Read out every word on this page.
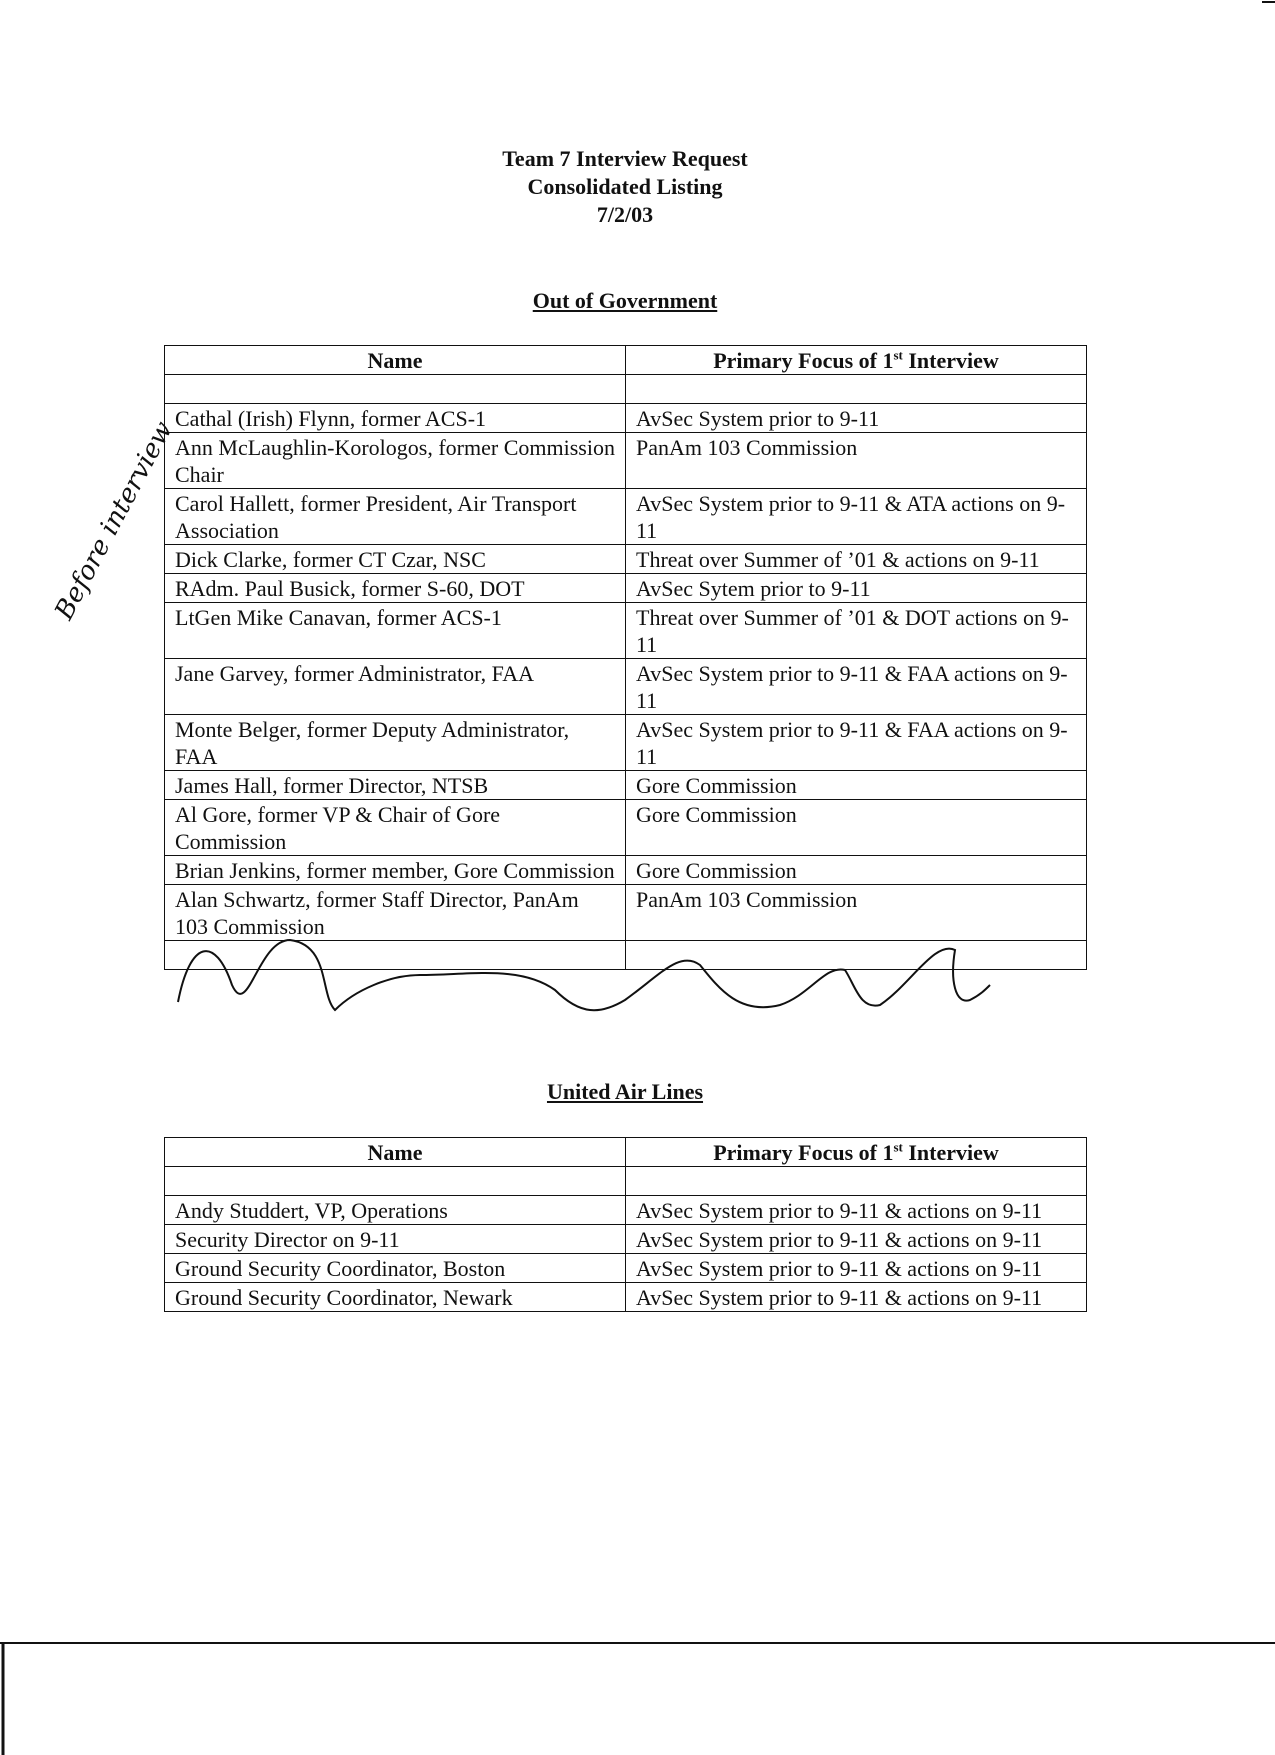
Team 7 Interview Request
Consolidated Listing
7/2/03
Out of Government
Name	Primary Focus of 1st Interview

Cathal (Irish) Flynn, former ACS-1	AvSec System prior to 9-11
Ann McLaughlin-Korologos, former Commission Chair	PanAm 103 Commission
Carol Hallett, former President, Air Transport Association	AvSec System prior to 9-11 & ATA actions on 9-11
Dick Clarke, former CT Czar, NSC	Threat over Summer of ’01 & actions on 9-11
RAdm. Paul Busick, former S-60, DOT	AvSec Sytem prior to 9-11
LtGen Mike Canavan, former ACS-1	Threat over Summer of ’01 & DOT actions on 9-11
Jane Garvey, former Administrator, FAA	AvSec System prior to 9-11 & FAA actions on 9-11
Monte Belger, former Deputy Administrator, FAA	AvSec System prior to 9-11 & FAA actions on 9-11
James Hall, former Director, NTSB	Gore Commission
Al Gore, former VP & Chair of Gore Commission	Gore Commission
Brian Jenkins, former member, Gore Commission	Gore Commission
Alan Schwartz, former Staff Director, PanAm 103 Commission	PanAm 103 Commission

United Air Lines
Name	Primary Focus of 1st Interview

Andy Studdert, VP, Operations	AvSec System prior to 9-11 & actions on 9-11
Security Director on 9-11	AvSec System prior to 9-11 & actions on 9-11
Ground Security Coordinator, Boston	AvSec System prior to 9-11 & actions on 9-11
Ground Security Coordinator, Newark	AvSec System prior to 9-11 & actions on 9-11
Before interview
